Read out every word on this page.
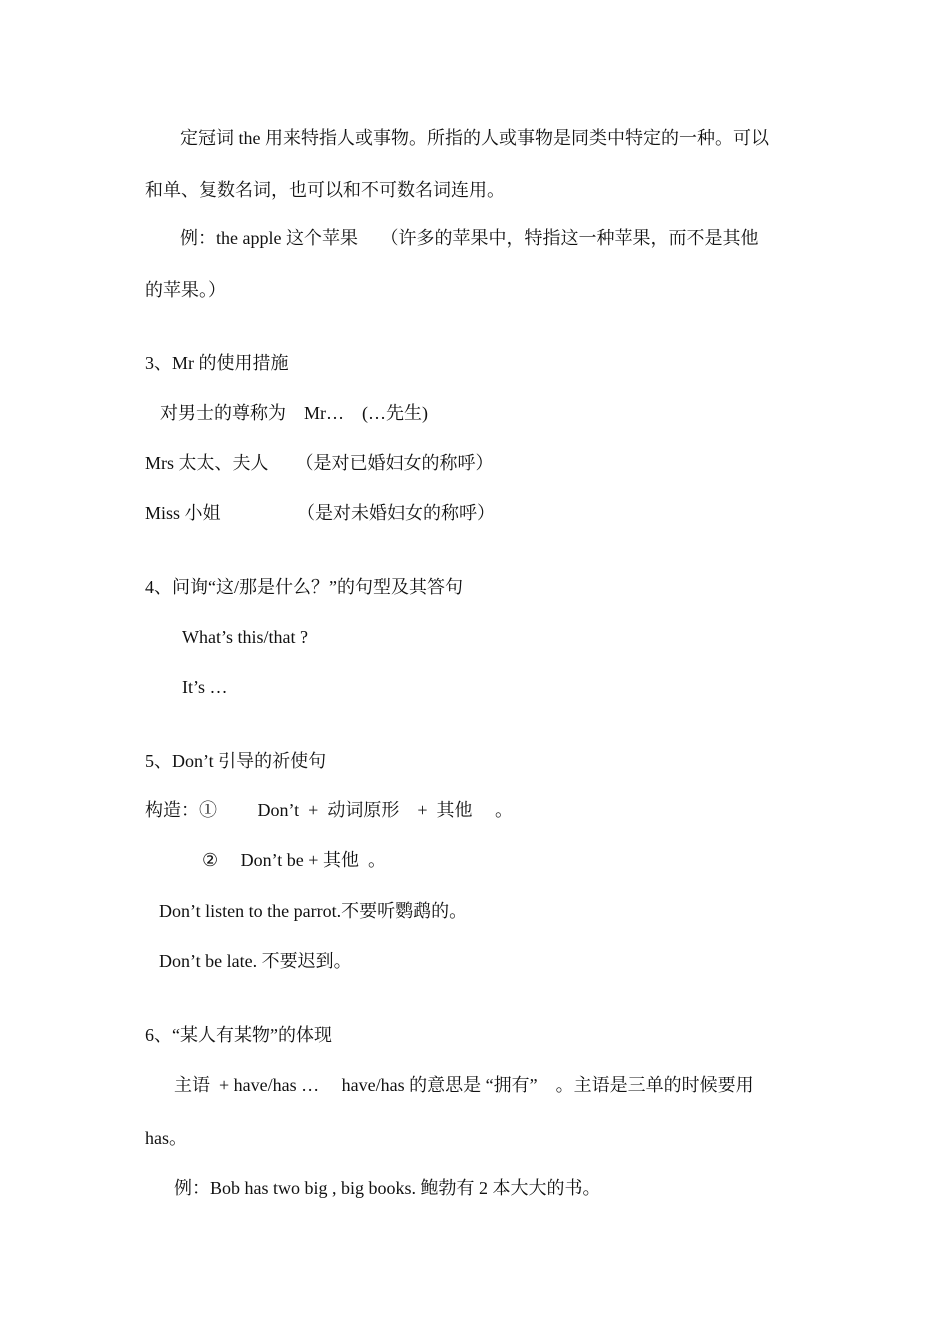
定冠词 the 用来特指人或事物。所指的人或事物是同类中特定的一种。可以
和单、复数名词，也可以和不可数名词连用。
例：the apple 这个苹果　 （许多的苹果中，特指这一种苹果，而不是其他
的苹果。）
3、Mr 的使用措施
对男士的尊称为　Mr…　(…先生)
Mrs 太太、夫人　　（是对已婚妇女的称呼）
Miss 小姐　　　　 （是对未婚妇女的称呼）
4、问询“这/那是什么？”的句型及其答句
What’s this/that ?
It’s …
5、Don’t 引导的祈使句
构造：①　　 Don’t  +  动词原形　+  其他　 。
②　 Don’t be + 其他  。
Don’t listen to the parrot.不要听鹦鹉的。
Don’t be late. 不要迟到。
6、“某人有某物”的体现
主语  + have/has …　 have/has 的意思是 “拥有”　。主语是三单的时候要用
has。
例：Bob has two big , big books. 鲍勃有 2 本大大的书。
